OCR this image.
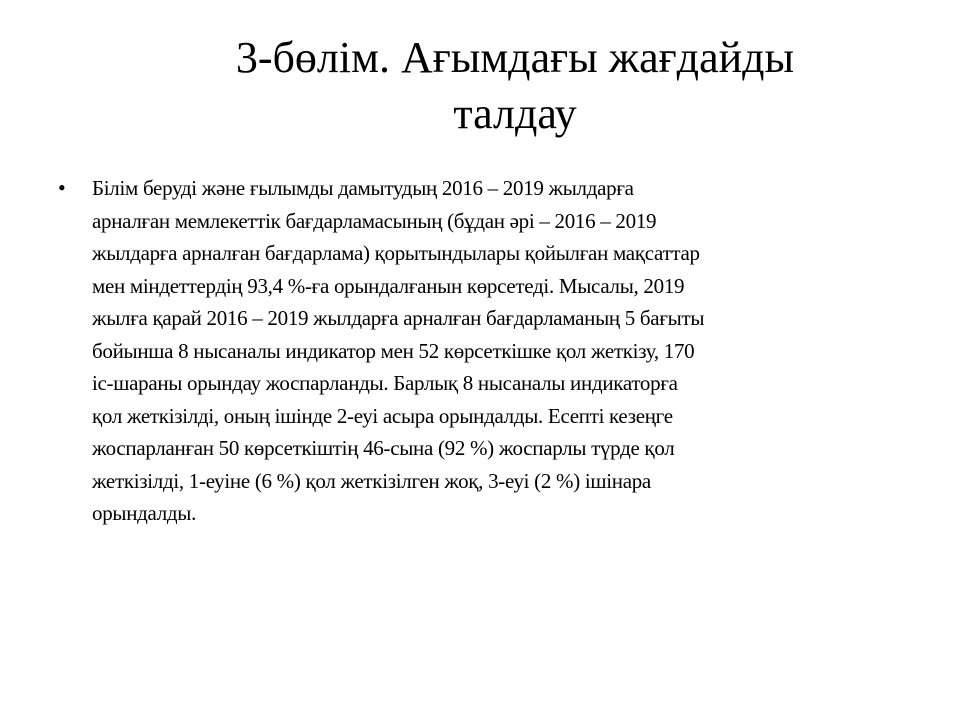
3-бөлім. Ағымдағы жағдайды
талдау
• Білім беруді және ғылымды дамытудың 2016 – 2019 жылдарға
арналған мемлекеттік бағдарламасының (бұдан әрі – 2016 – 2019
жылдарға арналған бағдарлама) қорытындылары қойылған мақсаттар
мен міндеттердің 93,4 %-ға орындалғанын көрсетеді. Мысалы, 2019
жылға қарай 2016 – 2019 жылдарға арналған бағдарламаның 5 бағыты
бойынша 8 нысаналы индикатор мен 52 көрсеткішке қол жеткізу, 170
іс-шараны орындау жоспарланды. Барлық 8 нысаналы индикаторға
қол жеткізілді, оның ішінде 2-еуі асыра орындалды. Есепті кезеңге
жоспарланған 50 көрсеткіштің 46-сына (92 %) жоспарлы түрде қол
жеткізілді, 1-еуіне (6 %) қол жеткізілген жоқ, 3-еуі (2 %) ішінара
орындалды.
